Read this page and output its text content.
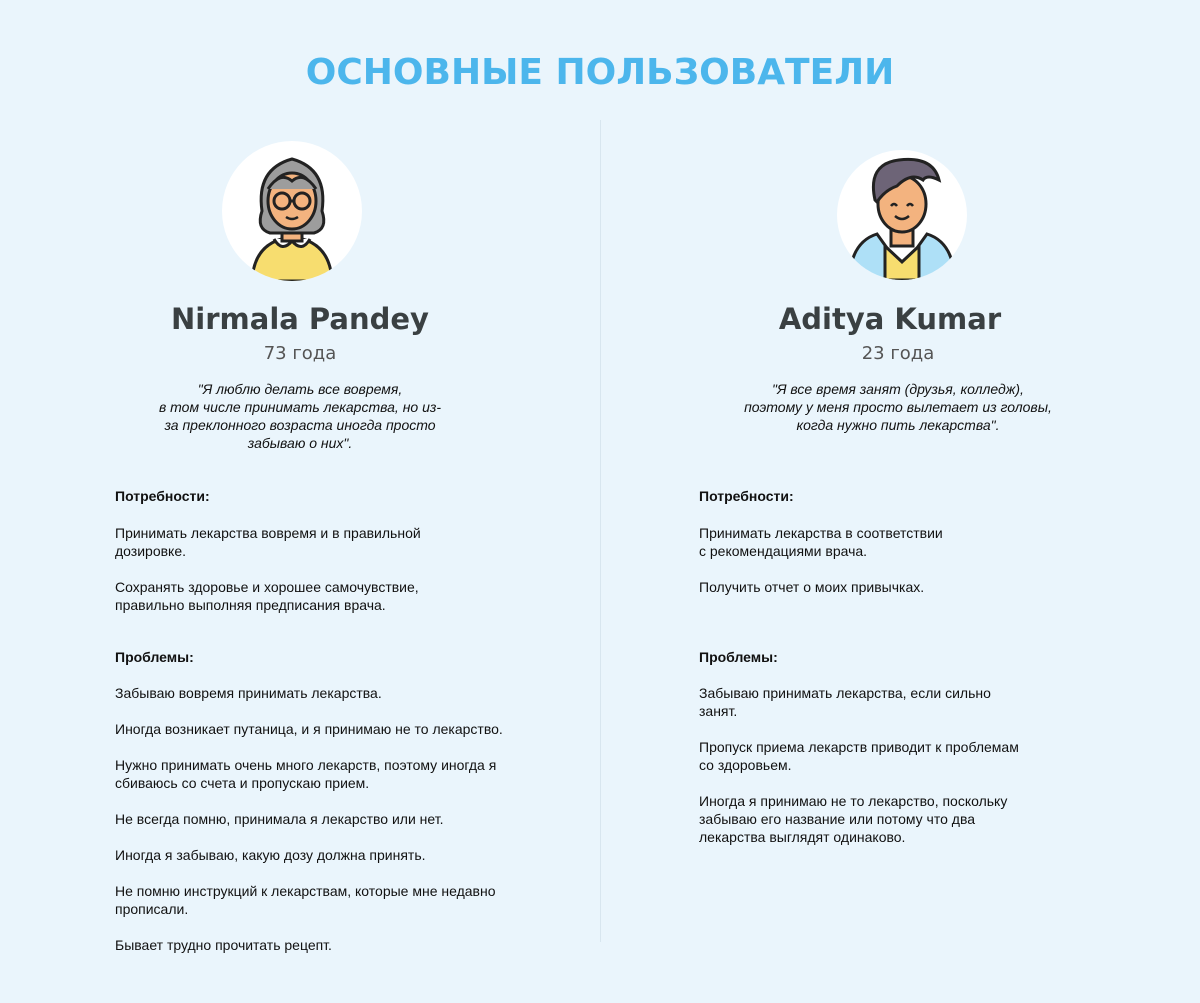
ОСНОВНЫЕ ПОЛЬЗОВАТЕЛИ
Nirmala Pandey
73 года
"Я люблю делать все вовремя,
в том числе принимать лекарства, но из-
за преклонного возраста иногда просто
забываю о них".
Потребности:
Принимать лекарства вовремя и в правильной
дозировке.
Сохранять здоровье и хорошее самочувствие,
правильно выполняя предписания врача.
Проблемы:
Забываю вовремя принимать лекарства.
Иногда возникает путаница, и я принимаю не то лекарство.
Нужно принимать очень много лекарств, поэтому иногда я
сбиваюсь со счета и пропускаю прием.
Не всегда помню, принимала я лекарство или нет.
Иногда я забываю, какую дозу должна принять.
Не помню инструкций к лекарствам, которые мне недавно
прописали.
Бывает трудно прочитать рецепт.
Aditya Kumar
23 года
"Я все время занят (друзья, колледж),
поэтому у меня просто вылетает из головы,
когда нужно пить лекарства".
Потребности:
Принимать лекарства в соответствии
с рекомендациями врача.
Получить отчет о моих привычках.
Проблемы:
Забываю принимать лекарства, если сильно
занят.
Пропуск приема лекарств приводит к проблемам
со здоровьем.
Иногда я принимаю не то лекарство, поскольку
забываю его название или потому что два
лекарства выглядят одинаково.
